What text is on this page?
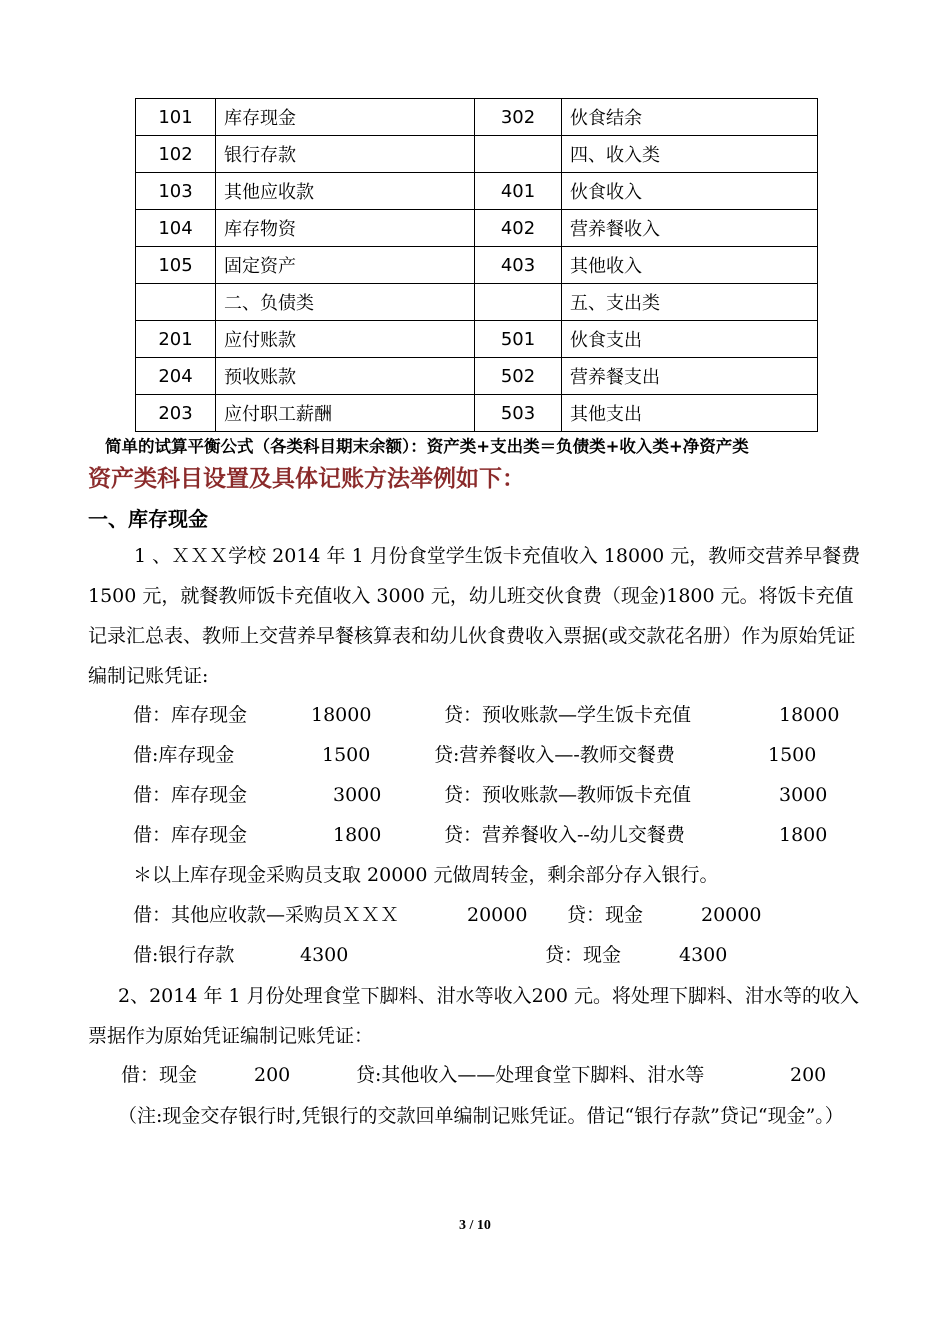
101	库存现金	302	伙食结余
102	银行存款		四、收入类
103	其他应收款	401	伙食收入
104	库存物资	402	营养餐收入
105	固定资产	403	其他收入
	二、负债类		五、支出类
201	应付账款	501	伙食支出
204	预收账款	502	营养餐支出
203	应付职工薪酬	503	其他支出
简单的试算平衡公式（各类科目期末余额）：资产类+支出类＝负债类+收入类+净资产类
资产类科目设置及具体记账方法举例如下：
一、库存现金
1 、ＸＸＸ学校 2014 年 1 月份食堂学生饭卡充值收入 18000 元，教师交营养早餐费 1500 元，就餐教师饭卡充值收入 3000 元，幼儿班交伙食费（现金)1800 元。将饭卡充值记录汇总表、教师上交营养早餐核算表和幼儿伙食费收入票据(或交款花名册）作为原始凭证编制记账凭证:
借：库存现金	18000	贷：预收账款—学生饭卡充值	18000
借:库存现金	1500	贷:营养餐收入—-教师交餐费	1500
借：库存现金	3000	贷：预收账款—教师饭卡充值	3000
借：库存现金	1800	贷：营养餐收入--幼儿交餐费	1800
＊以上库存现金采购员支取 20000 元做周转金，剩余部分存入银行。
借：其他应收款—采购员ＸＸＸ	20000 贷：现金	20000
借:银行存款	4300	贷：现金	4300
2、2014 年 1 月份处理食堂下脚料、泔水等收入200 元。将处理下脚料、泔水等的收入票据作为原始凭证编制记账凭证：
借：现金	200	贷:其他收入——处理食堂下脚料、泔水等	200
（注:现金交存银行时,凭银行的交款回单编制记账凭证。借记“银行存款”贷记“现金”。）
3 / 10
